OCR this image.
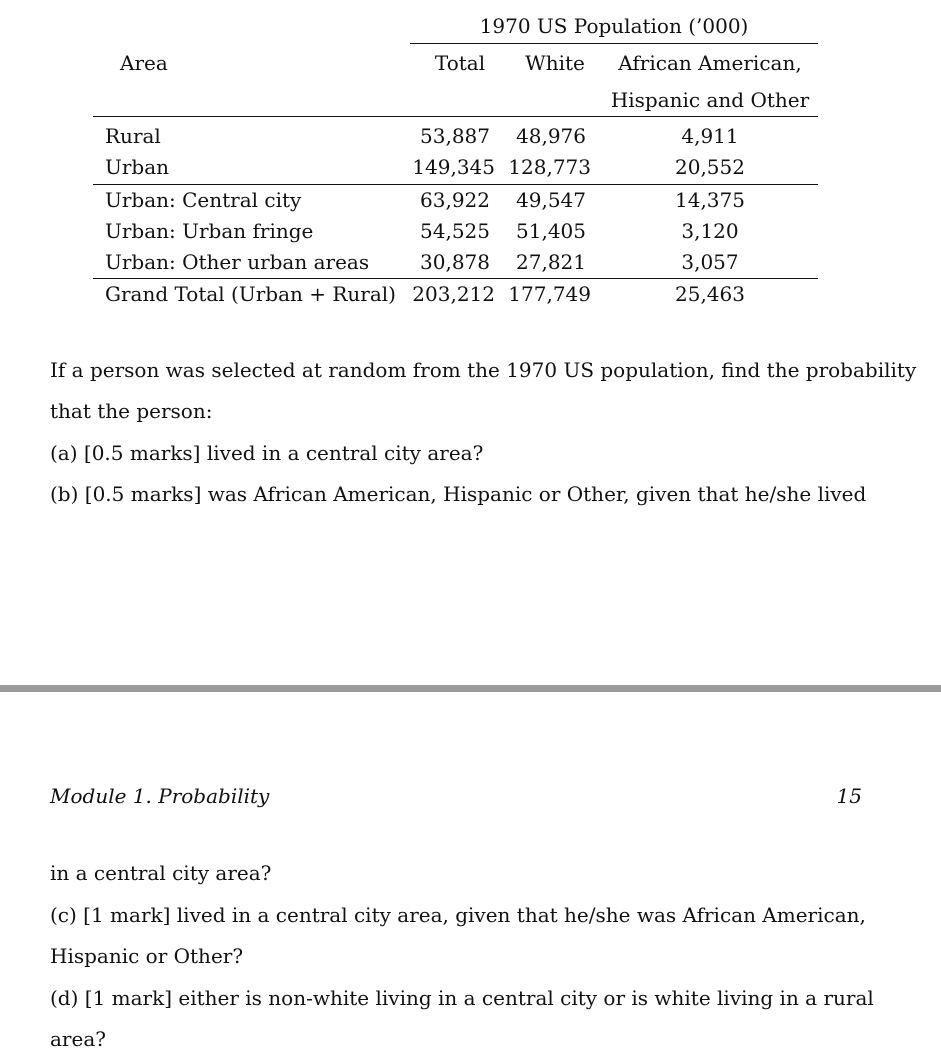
1970 US Population (’000)
Area	Total	White	African American,
Hispanic and Other
Rural	53,887	48,976	4,911
Urban	149,345 128,773	20,552
Urban: Central city	63,922	49,547	14,375
Urban: Urban fringe	54,525	51,405	3,120
Urban: Other urban areas	30,878	27,821	3,057
Grand Total (Urban + Rural) 203,212 177,749	25,463
If a person was selected at random from the 1970 US population, find the probability
that the person:
(a) [0.5 marks] lived in a central city area?
(b) [0.5 marks] was African American, Hispanic or Other, given that he/she lived
Module 1. Probability	15
in a central city area?
(c) [1 mark] lived in a central city area, given that he/she was African American,
Hispanic or Other?
(d) [1 mark] either is non-white living in a central city or is white living in a rural
area?
